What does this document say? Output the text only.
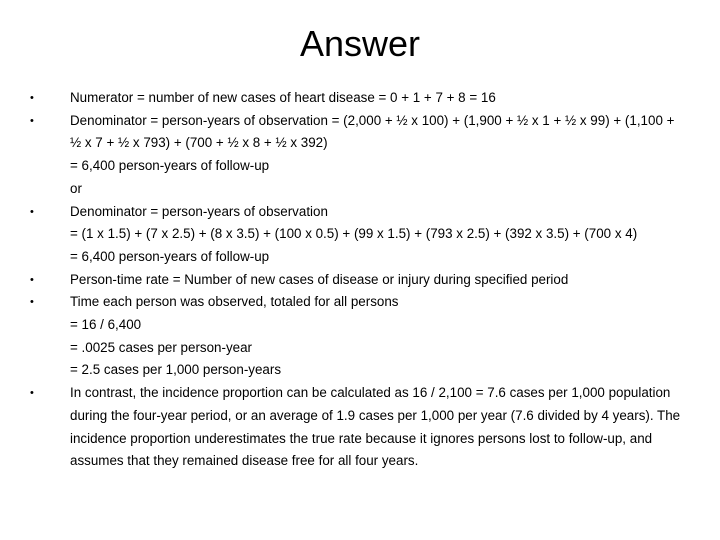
Answer
•	Numerator = number of new cases of heart disease = 0 + 1 + 7 + 8 = 16
•	Denominator = person-years of observation = (2,000 + ½ x 100) + (1,900 + ½ x 1 + ½ x 99) + (1,100 + ½ x 7 + ½ x 793) + (700 + ½ x 8 + ½ x 392)
= 6,400 person-years of follow-up
or
•	Denominator = person-years of observation
= (1 x 1.5) + (7 x 2.5) + (8 x 3.5) + (100 x 0.5) + (99 x 1.5) + (793 x 2.5) + (392 x 3.5) + (700 x 4)
= 6,400 person-years of follow-up
•	Person-time rate = Number of new cases of disease or injury during specified period
•	Time each person was observed, totaled for all persons
= 16 / 6,400
= .0025 cases per person-year
= 2.5 cases per 1,000 person-years
•	In contrast, the incidence proportion can be calculated as 16 / 2,100 = 7.6 cases per 1,000 population during the four-year period, or an average of 1.9 cases per 1,000 per year (7.6 divided by 4 years). The incidence proportion underestimates the true rate because it ignores persons lost to follow-up, and assumes that they remained disease free for all four years.
